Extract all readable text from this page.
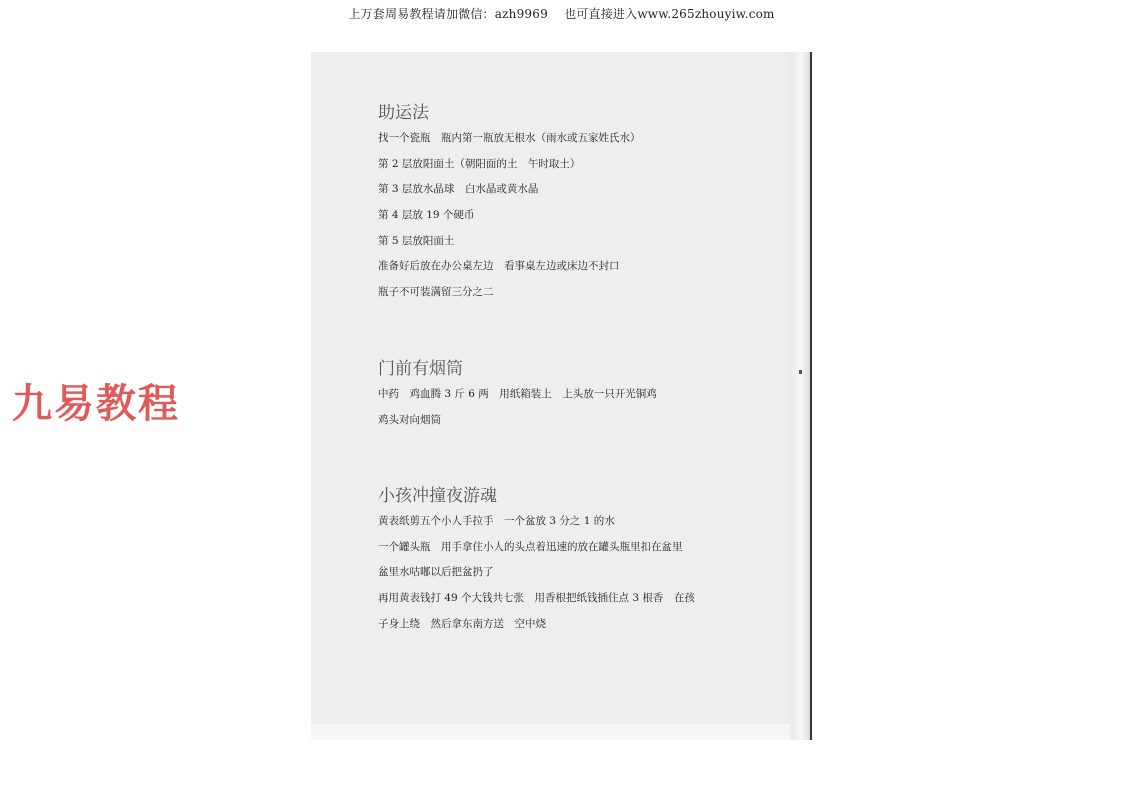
上万套周易教程请加微信：azh9969　 也可直接进入www.265zhouyiw.com
九易教程
助运法
找一个瓷瓶　瓶内第一瓶放无根水（雨水或五家姓氏水）
第 2 层放阳面土（朝阳面的土　午时取土）
第 3 层放水晶球　白水晶或黄水晶
第 4 层放 19 个硬币
第 5 层放阳面土
准备好后放在办公桌左边　看事桌左边或床边不封口
瓶子不可装满留三分之二
门前有烟筒
中药　鸡血腾 3 斤 6 两　用纸箱装上　上头放一只开光铜鸡
鸡头对向烟筒
小孩冲撞夜游魂
黄表纸剪五个小人手拉手　一个盆放 3 分之 1 的水
一个罐头瓶　用手拿住小人的头点着迅速的放在罐头瓶里扣在盆里
盆里水咕嘟以后把盆扔了
再用黄表钱打 49 个大钱共七张　用香根把纸钱插住点 3 根香　在孩
子身上绕　然后拿东南方送　空中烧
